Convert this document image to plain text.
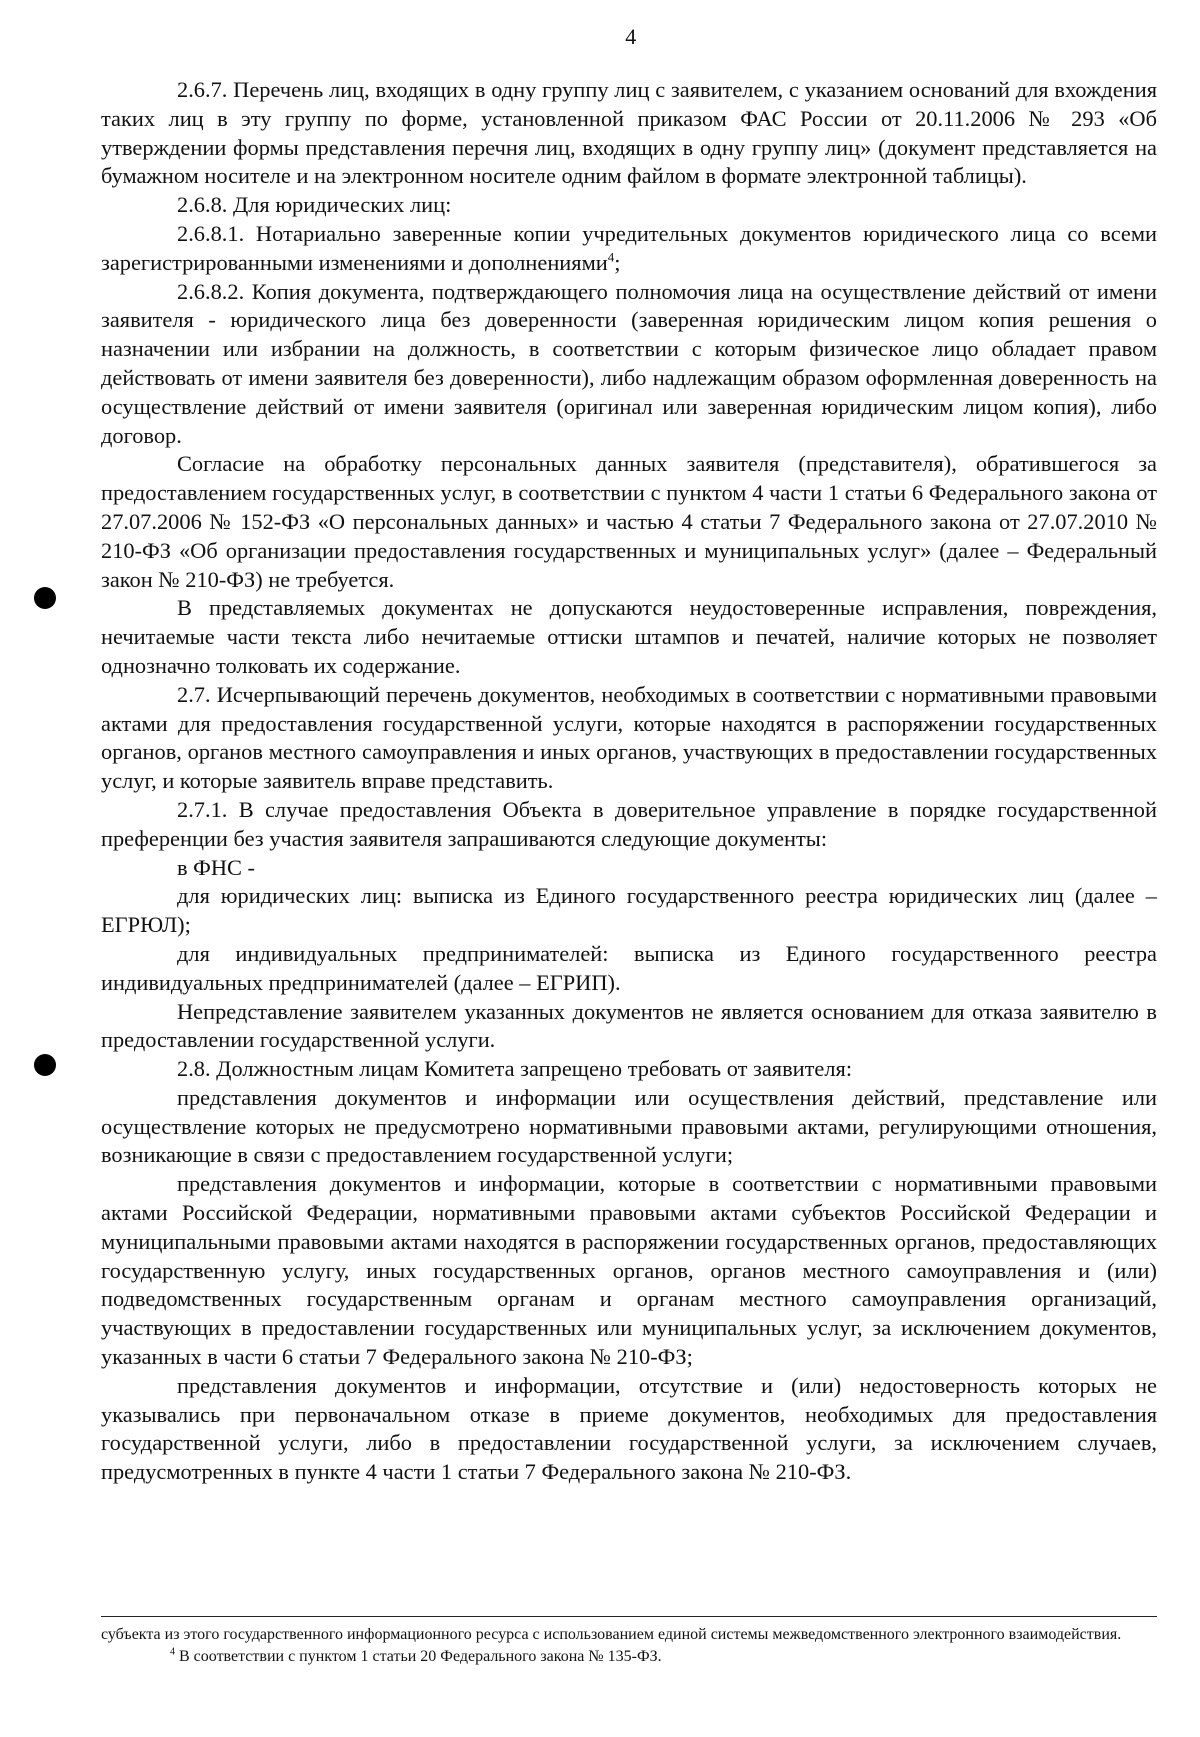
4

2.6.7. Перечень лиц, входящих в одну группу лиц с заявителем, с указанием оснований для вхождения таких лиц в эту группу по форме, установленной приказом ФАС России от 20.11.2006 № 293 «Об утверждении формы представления перечня лиц, входящих в одну группу лиц» (документ представляется на бумажном носителе и на электронном носителе одним файлом в формате электронной таблицы).

2.6.8. Для юридических лиц:

2.6.8.1. Нотариально заверенные копии учредительных документов юридического лица со всеми зарегистрированными изменениями и дополнениями$^4$;

2.6.8.2. Копия документа, подтверждающего полномочия лица на осуществление действий от имени заявителя - юридического лица без доверенности (заверенная юридическим лицом копия решения о назначении или избрании на должность, в соответствии с которым физическое лицо обладает правом действовать от имени заявителя без доверенности), либо надлежащим образом оформленная доверенность на осуществление действий от имени заявителя (оригинал или заверенная юридическим лицом копия), либо договор.

Согласие на обработку персональных данных заявителя (представителя), обратившегося за предоставлением государственных услуг, в соответствии с пунктом 4 части 1 статьи 6 Федерального закона от 27.07.2006 № 152-ФЗ «О персональных данных» и частью 4 статьи 7 Федерального закона от 27.07.2010 № 210-ФЗ «Об организации предоставления государственных и муниципальных услуг» (далее – Федеральный закон № 210-ФЗ) не требуется.

В представляемых документах не допускаются неудостоверенные исправления, повреждения, нечитаемые части текста либо нечитаемые оттиски штампов и печатей, наличие которых не позволяет однозначно толковать их содержание.

2.7. Исчерпывающий перечень документов, необходимых в соответствии с нормативными правовыми актами для предоставления государственной услуги, которые находятся в распоряжении государственных органов, органов местного самоуправления и иных органов, участвующих в предоставлении государственных услуг, и которые заявитель вправе представить.

2.7.1. В случае предоставления Объекта в доверительное управление в порядке государственной преференции без участия заявителя запрашиваются следующие документы:

в ФНС -

для юридических лиц: выписка из Единого государственного реестра юридических лиц (далее – ЕГРЮЛ);

для индивидуальных предпринимателей: выписка из Единого государственного реестра индивидуальных предпринимателей (далее – ЕГРИП).

Непредставление заявителем указанных документов не является основанием для отказа заявителю в предоставлении государственной услуги.

2.8. Должностным лицам Комитета запрещено требовать от заявителя:

представления документов и информации или осуществления действий, представление или осуществление которых не предусмотрено нормативными правовыми актами, регулирующими отношения, возникающие в связи с предоставлением государственной услуги;

представления документов и информации, которые в соответствии с нормативными правовыми актами Российской Федерации, нормативными правовыми актами субъектов Российской Федерации и муниципальными правовыми актами находятся в распоряжении государственных органов, предоставляющих государственную услугу, иных государственных органов, органов местного самоуправления и (или) подведомственных государственным органам и органам местного самоуправления организаций, участвующих в предоставлении государственных или муниципальных услуг, за исключением документов, указанных в части 6 статьи 7 Федерального закона № 210-ФЗ;

представления документов и информации, отсутствие и (или) недостоверность которых не указывались при первоначальном отказе в приеме документов, необходимых для предоставления государственной услуги, либо в предоставлении государственной услуги, за исключением случаев, предусмотренных в пункте 4 части 1 статьи 7 Федерального закона № 210-ФЗ.

субъекта из этого государственного информационного ресурса с использованием единой системы межведомственного электронного взаимодействия.

$^4$ В соответствии с пунктом 1 статьи 20 Федерального закона № 135-ФЗ.
